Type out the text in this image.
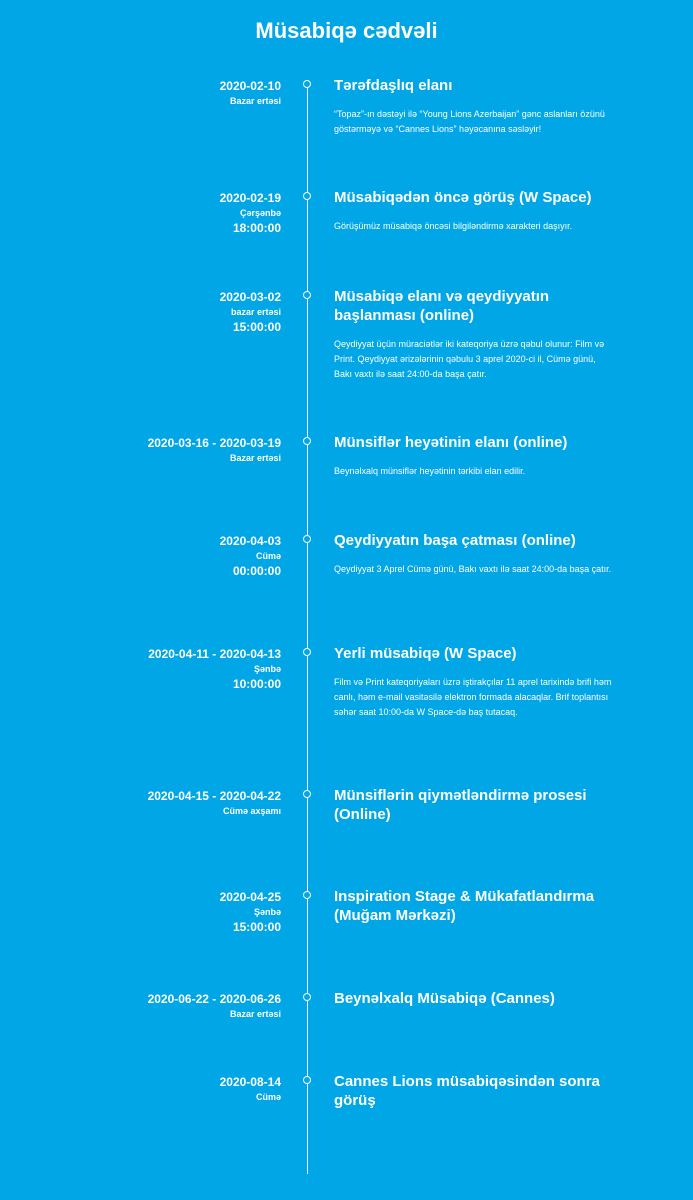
Müsabiqə cədvəli
2020-02-10
Bazar ertəsi
Tərəfdaşlıq elanı

“Topaz”-ın dəstəyi ilə “Young Lions Azerbaijan” gənc aslanları özünü göstərməyə və “Cannes Lions” həyəcanına səsləyir!

2020-02-19
Çərşənbə
18:00:00
Müsabiqədən öncə görüş (W Space)

Görüşümüz müsabiqə öncəsi bilgiləndirmə xarakteri daşıyır.

2020-03-02
bazar ertəsi
15:00:00
Müsabiqə elanı və qeydiyyatın başlanması (online)

Qeydiyyat üçün müraciətlər iki kateqoriya üzrə qəbul olunur: Film və Print. Qeydiyyat ərizələrinin qəbulu 3 aprel 2020-ci il, Cümə günü, Bakı vaxtı ilə saat 24:00-da başa çatır.

2020-03-16 - 2020-03-19
Bazar ertəsi
Münsiflər heyətinin elanı (online)

Beynəlxalq münsiflər heyətinin tərkibi elan edilir.

2020-04-03
Cümə
00:00:00
Qeydiyyatın başa çatması (online)

Qeydiyyat 3 Aprel Cümə günü, Bakı vaxtı ilə saat 24:00-da başa çatır.

2020-04-11 - 2020-04-13
Şənbə
10:00:00
Yerli müsabiqə (W Space)

Film və Print kateqoriyaları üzrə iştirakçılar 11 aprel tarixində brifi həm canlı, həm e-mail vasitəsilə elektron formada alacaqlar. Brif toplantısı səhər saat 10:00-da W Space-də baş tutacaq.

2020-04-15 - 2020-04-22
Cümə axşamı
Münsiflərin qiymətləndirmə prosesi (Online)
2020-04-25
Şənbə
15:00:00
Inspiration Stage & Mükafatlandırma (Muğam Mərkəzi)
2020-06-22 - 2020-06-26
Bazar ertəsi
Beynəlxalq Müsabiqə (Cannes)
2020-08-14
Cümə
Cannes Lions müsabiqəsindən sonra görüş
